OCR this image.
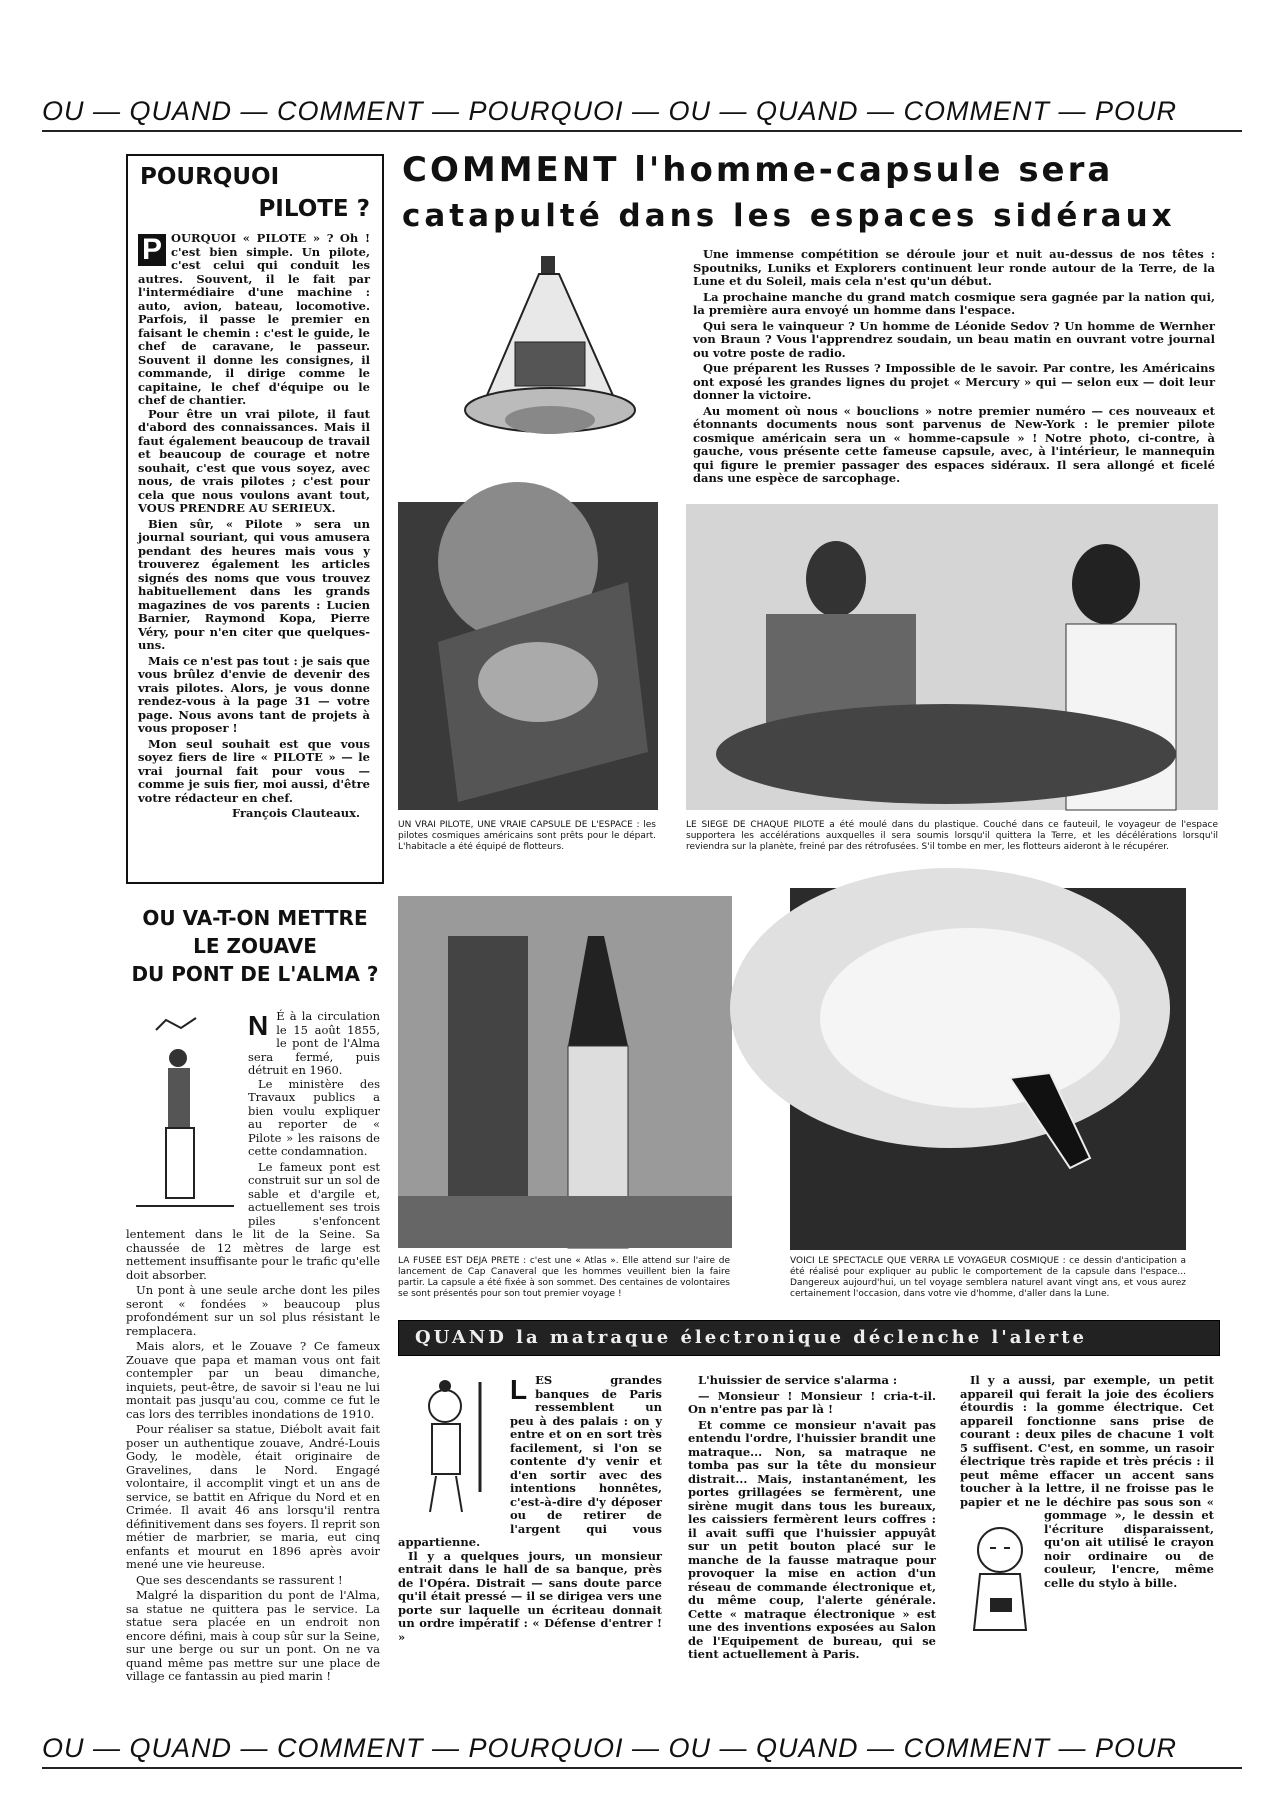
OU — QUAND — COMMENT — POURQUOI — OU — QUAND — COMMENT — POUR
POURQUOI
PILOTE ?
P OURQUOI « PILOTE » ? Oh ! c'est bien simple. Un pilote, c'est celui qui conduit les autres. Souvent, il le fait par l'intermédiaire d'une machine : auto, avion, bateau, locomotive. Parfois, il passe le premier en faisant le chemin : c'est le guide, le chef de caravane, le passeur. Souvent il donne les consignes, il commande, il dirige comme le capitaine, le chef d'équipe ou le chef de chantier.

Pour être un vrai pilote, il faut d'abord des connaissances. Mais il faut également beaucoup de travail et beaucoup de courage et notre souhait, c'est que vous soyez, avec nous, de vrais pilotes ; c'est pour cela que nous voulons avant tout, VOUS PRENDRE AU SERIEUX.

Bien sûr, « Pilote » sera un journal souriant, qui vous amusera pendant des heures mais vous y trouverez également les articles signés des noms que vous trouvez habituellement dans les grands magazines de vos parents : Lucien Barnier, Raymond Kopa, Pierre Véry, pour n'en citer que quelques-uns.

Mais ce n'est pas tout : je sais que vous brûlez d'envie de devenir des vrais pilotes. Alors, je vous donne rendez-vous à la page 31 — votre page. Nous avons tant de projets à vous proposer !

Mon seul souhait est que vous soyez fiers de lire « PILOTE » — le vrai journal fait pour vous — comme je suis fier, moi aussi, d'être votre rédacteur en chef.

François Clauteaux.
COMMENT l'homme-capsule sera
catapulté dans les espaces sidéraux

Une immense compétition se déroule jour et nuit au-dessus de nos têtes : Spoutniks, Luniks et Explorers continuent leur ronde autour de la Terre, de la Lune et du Soleil, mais cela n'est qu'un début.

La prochaine manche du grand match cosmique sera gagnée par la nation qui, la première aura envoyé un homme dans l'espace.

Qui sera le vainqueur ? Un homme de Léonide Sedov ? Un homme de Wernher von Braun ? Vous l'apprendrez soudain, un beau matin en ouvrant votre journal ou votre poste de radio.

Que préparent les Russes ? Impossible de le savoir. Par contre, les Américains ont exposé les grandes lignes du projet « Mercury » qui — selon eux — doit leur donner la victoire.

Au moment où nous « bouclions » notre premier numéro — ces nouveaux et étonnants documents nous sont parvenus de New-York : le premier pilote cosmique américain sera un « homme-capsule » ! Notre photo, ci-contre, à gauche, vous présente cette fameuse capsule, avec, à l'intérieur, le mannequin qui figure le premier passager des espaces sidéraux. Il sera allongé et ficelé dans une espèce de sarcophage.

UN VRAI PILOTE, UNE VRAIE CAPSULE DE L'ESPACE : les pilotes cosmiques américains sont prêts pour le départ. L'habitacle a été équipé de flotteurs.
LE SIEGE DE CHAQUE PILOTE a été moulé dans du plastique. Couché dans ce fauteuil, le voyageur de l'espace supportera les accélérations auxquelles il sera soumis lorsqu'il quittera la Terre, et les décélérations lorsqu'il reviendra sur la planète, freiné par des rétrofusées. S'il tombe en mer, les flotteurs aideront à le récupérer.
OU VA-T-ON METTRE
LE ZOUAVE
DU PONT DE L'ALMA ?
N É à la circulation le 15 août 1855, le pont de l'Alma sera fermé, puis détruit en 1960.

Le ministère des Travaux publics a bien voulu expliquer au reporter de « Pilote » les raisons de cette condamnation.

Le fameux pont est construit sur un sol de sable et d'argile et, actuellement ses trois piles s'enfoncent lentement dans le lit de la Seine. Sa chaussée de 12 mètres de large est nettement insuffisante pour le trafic qu'elle doit absorber.

Un pont à une seule arche dont les piles seront « fondées » beaucoup plus profondément sur un sol plus résistant le remplacera.

Mais alors, et le Zouave ? Ce fameux Zouave que papa et maman vous ont fait contempler par un beau dimanche, inquiets, peut-être, de savoir si l'eau ne lui montait pas jusqu'au cou, comme ce fut le cas lors des terribles inondations de 1910.

Pour réaliser sa statue, Diébolt avait fait poser un authentique zouave, André-Louis Gody, le modèle, était originaire de Gravelines, dans le Nord. Engagé volontaire, il accomplit vingt et un ans de service, se battit en Afrique du Nord et en Crimée. Il avait 46 ans lorsqu'il rentra définitivement dans ses foyers. Il reprit son métier de marbrier, se maria, eut cinq enfants et mourut en 1896 après avoir mené une vie heureuse.

Que ses descendants se rassurent !

Malgré la disparition du pont de l'Alma, sa statue ne quittera pas le service. La statue sera placée en un endroit non encore défini, mais à coup sûr sur la Seine, sur une berge ou sur un pont. On ne va quand même pas mettre sur une place de village ce fantassin au pied marin !

LA FUSEE EST DEJA PRETE : c'est une « Atlas ». Elle attend sur l'aire de lancement de Cap Canaveral que les hommes veuillent bien la faire partir. La capsule a été fixée à son sommet. Des centaines de volontaires se sont présentés pour son tout premier voyage !
VOICI LE SPECTACLE QUE VERRA LE VOYAGEUR COSMIQUE : ce dessin d'anticipation a été réalisé pour expliquer au public le comportement de la capsule dans l'espace... Dangereux aujourd'hui, un tel voyage semblera naturel avant vingt ans, et vous aurez certainement l'occasion, dans votre vie d'homme, d'aller dans la Lune.
QUAND la matraque électronique déclenche l'alerte
L ES grandes banques de Paris ressemblent un peu à des palais : on y entre et on en sort très facilement, si l'on se contente d'y venir et d'en sortir avec des intentions honnêtes, c'est-à-dire d'y déposer ou de retirer de l'argent qui vous appartienne.

Il y a quelques jours, un monsieur entrait dans le hall de sa banque, près de l'Opéra. Distrait — sans doute parce qu'il était pressé — il se dirigea vers une porte sur laquelle un écriteau donnait un ordre impératif : « Défense d'entrer ! »

L'huissier de service s'alarma :

— Monsieur ! Monsieur ! cria-t-il. On n'entre pas par là !

Et comme ce monsieur n'avait pas entendu l'ordre, l'huissier brandit une matraque... Non, sa matraque ne tomba pas sur la tête du monsieur distrait... Mais, instantanément, les portes grillagées se fermèrent, une sirène mugit dans tous les bureaux, les caissiers fermèrent leurs coffres : il avait suffi que l'huissier appuyât sur un petit bouton placé sur le manche de la fausse matraque pour provoquer la mise en action d'un réseau de commande électronique et, du même coup, l'alerte générale. Cette « matraque électronique » est une des inventions exposées au Salon de l'Equipement de bureau, qui se tient actuellement à Paris.

Il y a aussi, par exemple, un petit appareil qui ferait la joie des écoliers étourdis : la gomme électrique. Cet appareil fonctionne sans prise de courant : deux piles de chacune 1 volt 5 suffisent. C'est, en somme, un rasoir électrique très rapide et très précis : il peut même effacer un accent sans toucher à la lettre, il ne froisse pas le papier et ne le déchire pas sous son « gommage », le dessin et l'écriture disparaissent, qu'on ait utilisé le crayon noir ordinaire ou de couleur, l'encre, même celle du stylo à bille.

OU — QUAND — COMMENT — POURQUOI — OU — QUAND — COMMENT — POUR
